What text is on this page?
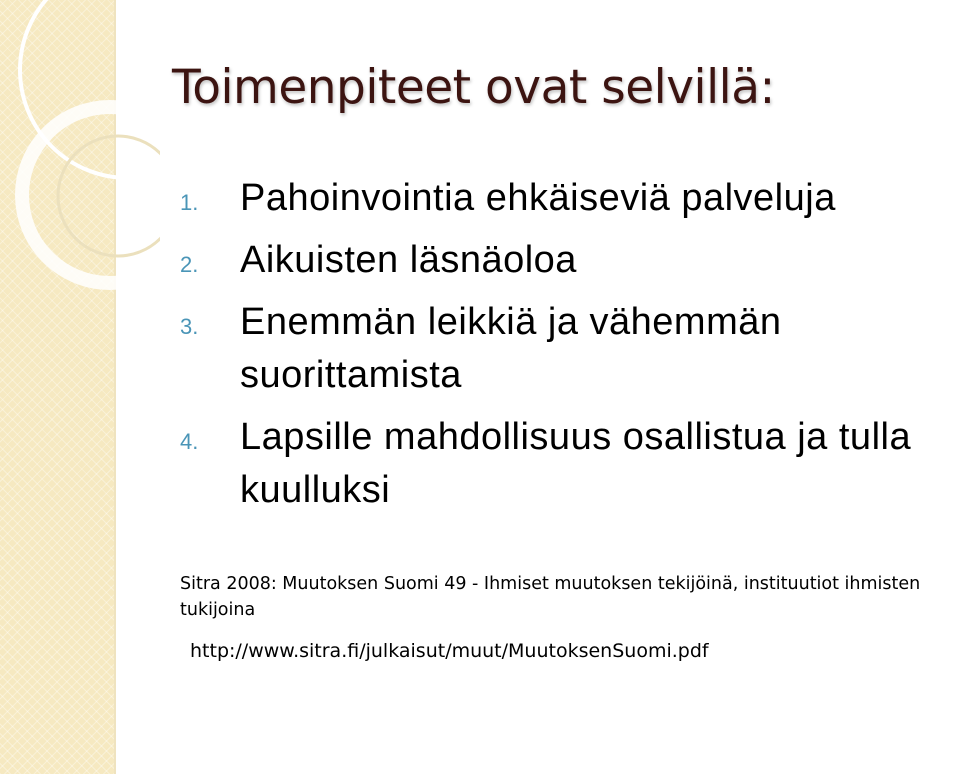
Toimenpiteet ovat selvillä:
1.	Pahoinvointia ehkäiseviä palveluja
2.	Aikuisten läsnäoloa
3.	Enemmän leikkiä ja vähemmän suorittamista
4.	Lapsille mahdollisuus osallistua ja tulla kuulluksi

Sitra 2008: Muutoksen Suomi 49 - Ihmiset muutoksen tekijöinä, instituutiot ihmisten tukijoina

http://www.sitra.fi/julkaisut/muut/MuutoksenSuomi.pdf
